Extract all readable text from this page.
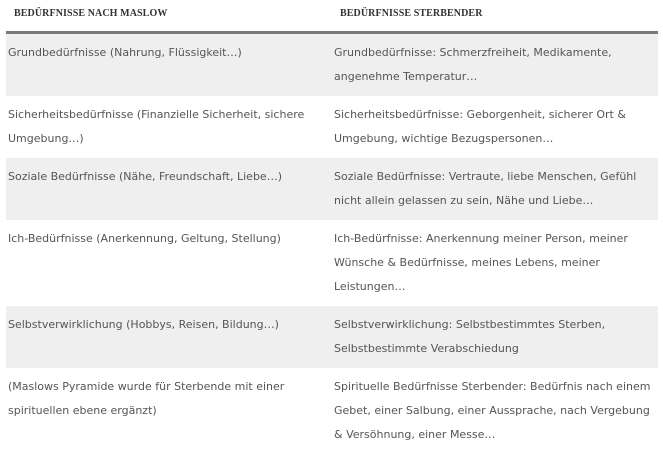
BEDÜRFNISSE NACH MASLOW	BEDÜRFNISSE STERBENDER
Grundbedürfnisse (Nahrung, Flüssigkeit…)	Grundbedürfnisse: Schmerzfreiheit, Medikamente, angenehme Temperatur…
Sicherheitsbedürfnisse (Finanzielle Sicherheit, sichere Umgebung…)	Sicherheitsbedürfnisse: Geborgenheit, sicherer Ort & Umgebung, wichtige Bezugspersonen…
Soziale Bedürfnisse (Nähe, Freundschaft, Liebe…)	Soziale Bedürfnisse: Vertraute, liebe Menschen, Gefühl nicht allein gelassen zu sein, Nähe und Liebe…
Ich-Bedürfnisse (Anerkennung, Geltung, Stellung)	Ich-Bedürfnisse: Anerkennung meiner Person, meiner Wünsche & Bedürfnisse, meines Lebens, meiner Leistungen…
Selbstverwirklichung (Hobbys, Reisen, Bildung…)	Selbstverwirklichung: Selbstbestimmtes Sterben, Selbstbestimmte Verabschiedung
(Maslows Pyramide wurde für Sterbende mit einer spirituellen ebene ergänzt)	Spirituelle Bedürfnisse Sterbender: Bedürfnis nach einem Gebet, einer Salbung, einer Aussprache, nach Vergebung & Versöhnung, einer Messe…
